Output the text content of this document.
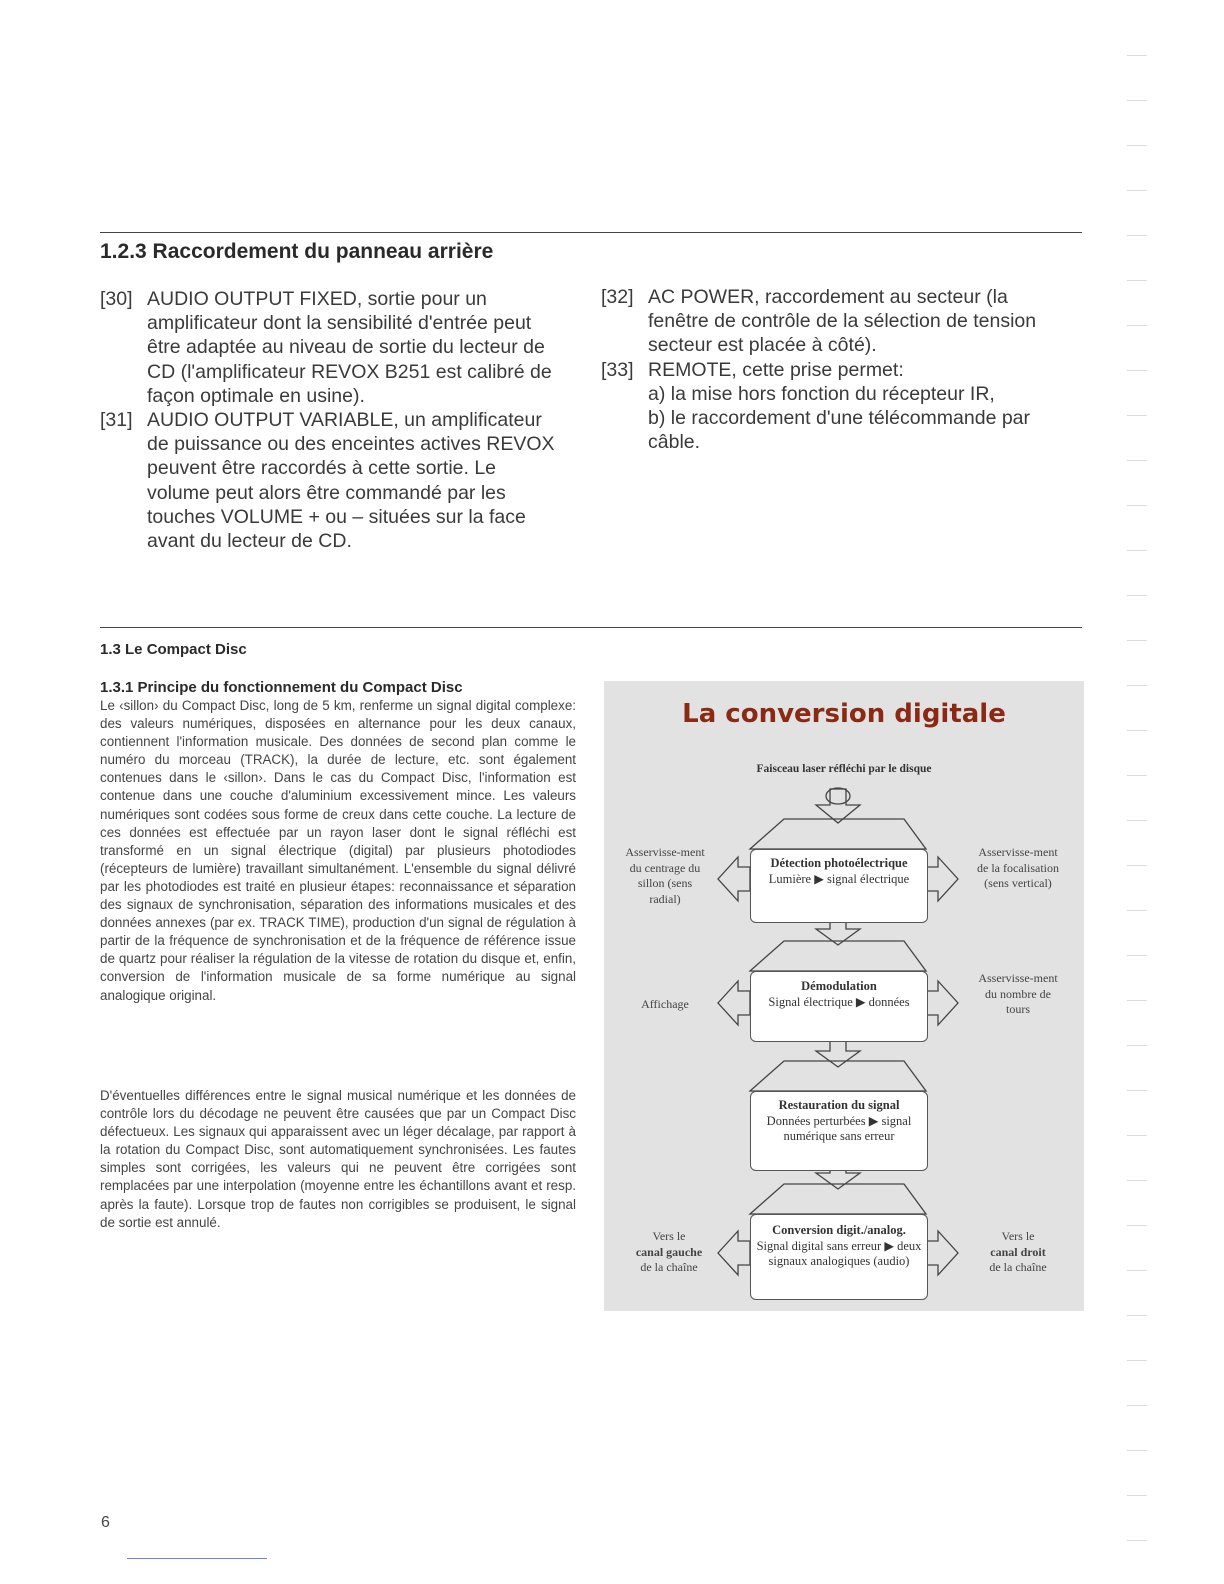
1.2.3 Raccordement du panneau arrière
[30] AUDIO OUTPUT FIXED, sortie pour un amplificateur dont la sensibilité d'entrée peut être adaptée au niveau de sortie du lecteur de CD (l'amplificateur REVOX B251 est calibré de façon optimale en usine).
[31] AUDIO OUTPUT VARIABLE, un amplificateur de puissance ou des enceintes actives REVOX peuvent être raccordés à cette sortie. Le volume peut alors être commandé par les touches VOLUME + ou – situées sur la face avant du lecteur de CD.
[32] AC POWER, raccordement au secteur (la fenêtre de contrôle de la sélection de tension secteur est placée à côté).
[33] REMOTE, cette prise permet:
a) la mise hors fonction du récepteur IR,
b) le raccordement d'une télécommande par câble.
1.3 Le Compact Disc
1.3.1 Principe du fonctionnement du Compact Disc
Le ‹sillon› du Compact Disc, long de 5 km, renferme un signal digital complexe: des valeurs numériques, disposées en alternance pour les deux canaux, contiennent l'information musicale. Des données de second plan comme le numéro du morceau (TRACK), la durée de lecture, etc. sont également contenues dans le ‹sillon›. Dans le cas du Compact Disc, l'information est contenue dans une couche d'aluminium excessivement mince. Les valeurs numériques sont codées sous forme de creux dans cette couche. La lecture de ces données est effectuée par un rayon laser dont le signal réfléchi est transformé en un signal électrique (digital) par plusieurs photodiodes (récepteurs de lumière) travaillant simultanément. L'ensemble du signal délivré par les photodiodes est traité en plusieur étapes: reconnaissance et séparation des signaux de synchronisation, séparation des informations musicales et des données annexes (par ex. TRACK TIME), production d'un signal de régulation à partir de la fréquence de synchronisation et de la fréquence de référence issue de quartz pour réaliser la régulation de la vitesse de rotation du disque et, enfin, conversion de l'information musicale de sa forme numérique au signal analogique original.
D'éventuelles différences entre le signal musical numérique et les données de contrôle lors du décodage ne peuvent être causées que par un Compact Disc défectueux. Les signaux qui apparaissent avec un léger décalage, par rapport à la rotation du Compact Disc, sont automatiquement synchronisées. Les fautes simples sont corrigées, les valeurs qui ne peuvent être corrigées sont remplacées par une interpolation (moyenne entre les échantillons avant et resp. après la faute). Lorsque trop de fautes non corrigibles se produisent, le signal de sortie est annulé.
La conversion digitale
Faisceau laser réfléchi par le disque
Détection photoélectrique
Lumière ▶ signal électrique
Asservisse-ment du centrage du sillon (sens radial)
Asservisse-ment de la focalisation (sens vertical)
Démodulation
Signal électrique ▶ données
Affichage
Asservisse-ment du nombre de tours
Restauration du signal
Données perturbées ▶ signal numérique sans erreur
Conversion digit./analog.
Signal digital sans erreur ▶ deux signaux analogiques (audio)
Vers le
canal gauche
de la chaîne
Vers le
canal droit
de la chaîne
6
